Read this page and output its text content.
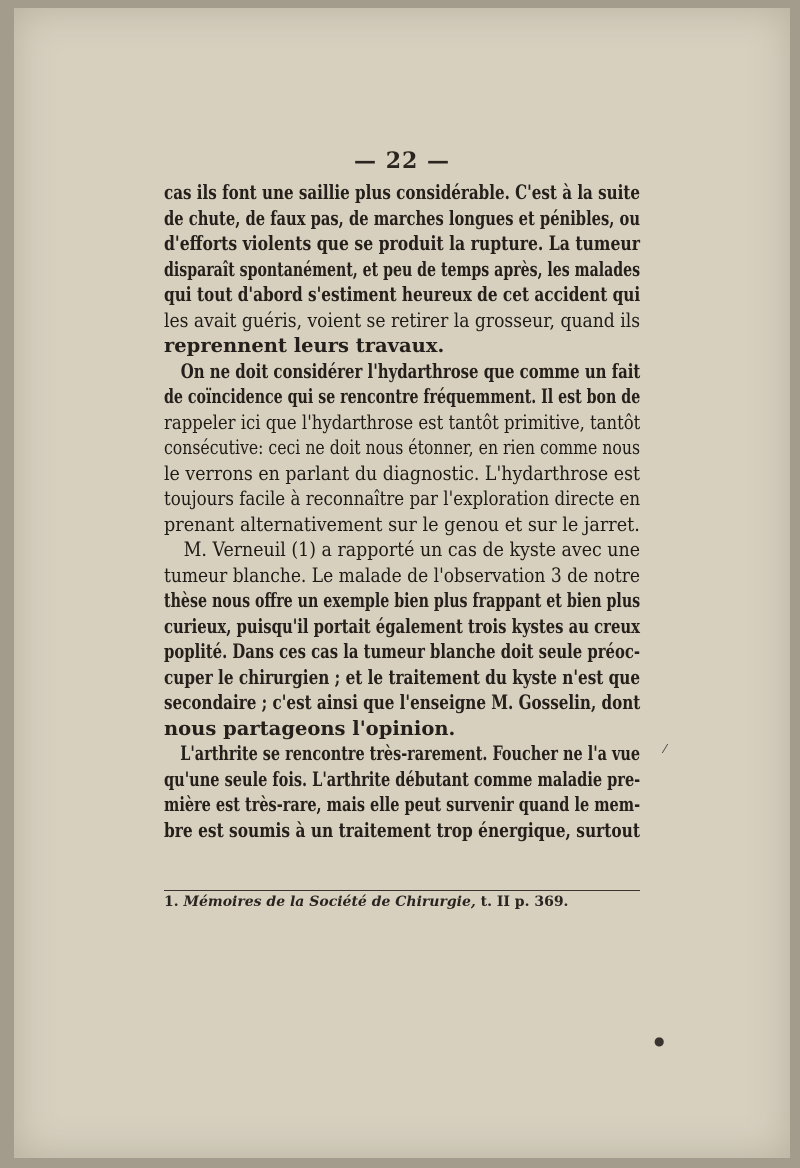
— 22 —
cas ils font une saillie plus considérable. C'est à la suite
de chute, de faux pas, de marches longues et pénibles, ou
d'efforts violents que se produit la rupture. La tumeur
disparaît spontanément, et peu de temps après, les malades
qui tout d'abord s'estiment heureux de cet accident qui
les avait guéris, voient se retirer la grosseur, quand ils
reprennent leurs travaux.
On ne doit considérer l'hydarthrose que comme un fait
de coïncidence qui se rencontre fréquemment. Il est bon de
rappeler ici que l'hydarthrose est tantôt primitive, tantôt
consécutive: ceci ne doit nous étonner, en rien comme nous
le verrons en parlant du diagnostic. L'hydarthrose est
toujours facile à reconnaître par l'exploration directe en
prenant alternativement sur le genou et sur le jarret.
M. Verneuil (1) a rapporté un cas de kyste avec une
tumeur blanche. Le malade de l'observation 3 de notre
thèse nous offre un exemple bien plus frappant et bien plus
curieux, puisqu'il portait également trois kystes au creux
poplité. Dans ces cas la tumeur blanche doit seule préoc-
cuper le chirurgien ; et le traitement du kyste n'est que
secondaire ; c'est ainsi que l'enseigne M. Gosselin, dont
nous partageons l'opinion.
L'arthrite se rencontre très-rarement. Foucher ne l'a vue
qu'une seule fois. L'arthrite débutant comme maladie pre-
mière est très-rare, mais elle peut survenir quand le mem-
bre est soumis à un traitement trop énergique, surtout
1. Mémoires de la Société de Chirurgie, t. II p. 369.
⁄
●
